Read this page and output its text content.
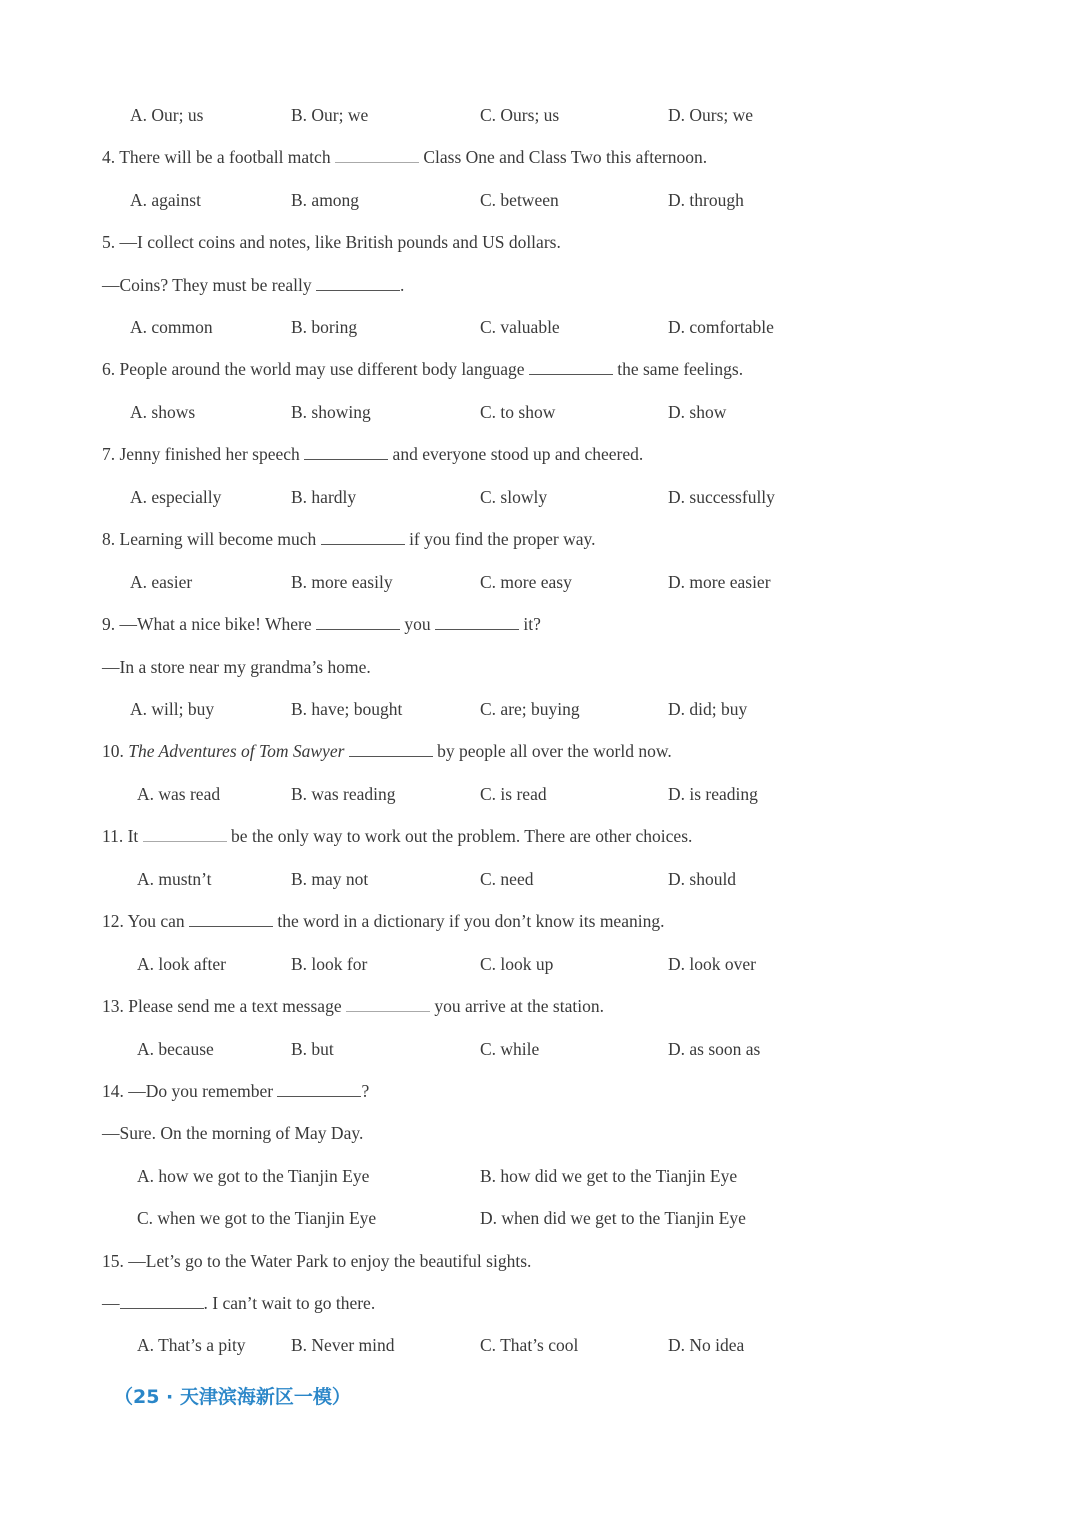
A. Our; us	B. Our; we	C. Ours; us	D. Ours; we
4. There will be a football match	Class One and Class Two this afternoon.
A. against	B. among	C. between	D. through
5. —I collect coins and notes, like British pounds and US dollars.
—Coins? They must be really	.
A. common	B. boring	C. valuable	D. comfortable
6. People around the world may use different body language	the same feelings.
A. shows	B. showing	C. to show	D. show
7. Jenny finished her speech	and everyone stood up and cheered.
A. especially	B. hardly	C. slowly	D. successfully
8. Learning will become much	if you find the proper way.
A. easier	B. more easily	C. more easy	D. more easier
9. —What a nice bike! Where	you	it?
—In a store near my grandma’s home.
A. will; buy	B. have; bought	C. are; buying	D. did; buy
10. The Adventures of Tom Sawyer	by people all over the world now.
A. was read	B. was reading	C. is read	D. is reading
11. It	be the only way to work out the problem. There are other choices.
A. mustn’t	B. may not	C. need	D. should
12. You can	the word in a dictionary if you don’t know its meaning.
A. look after	B. look for	C. look up	D. look over
13. Please send me a text message	you arrive at the station.
A. because	B. but	C. while	D. as soon as
14. —Do you remember	?
—Sure. On the morning of May Day.
A. how we got to the Tianjin Eye	B. how did we get to the Tianjin Eye
C. when we got to the Tianjin Eye	D. when did we get to the Tianjin Eye
15. —Let’s go to the Water Park to enjoy the beautiful sights.
—	. I can’t wait to go there.
A. That’s a pity	B. Never mind	C. That’s cool	D. No idea
（25 · 天津滨海新区一模）
